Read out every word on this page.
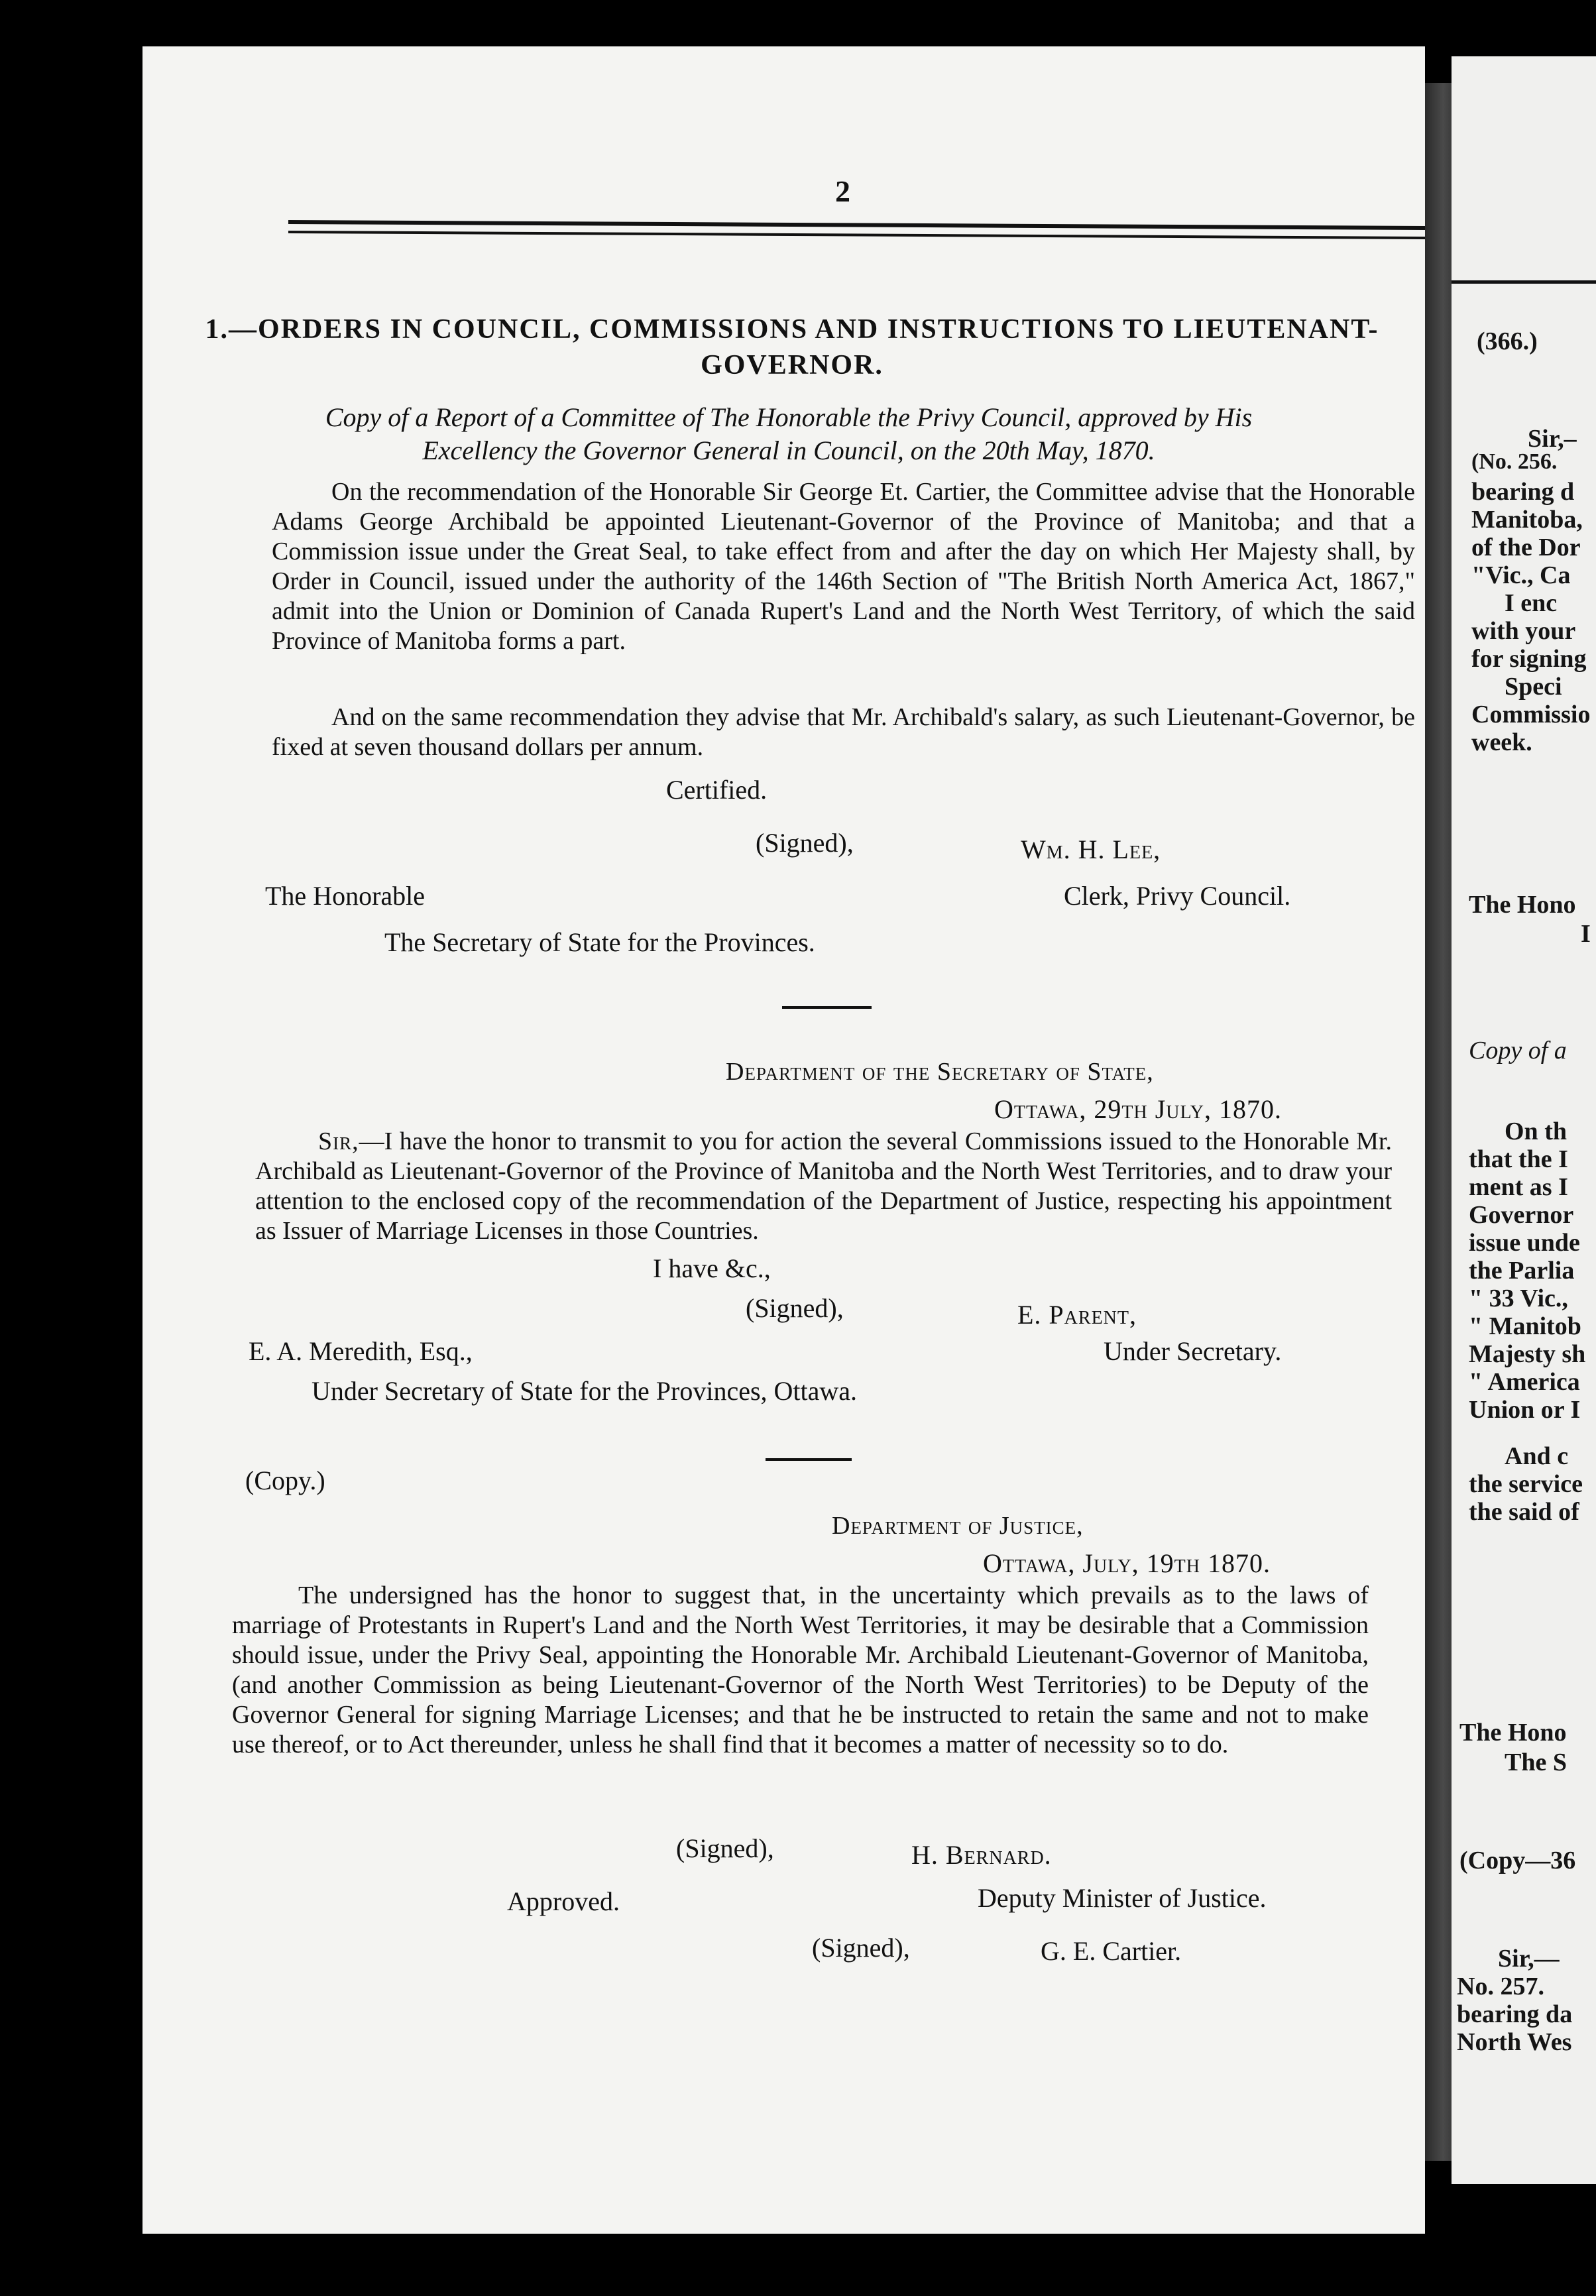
(366.)
Sir,–
(No. 256.
bearing d
Manitoba,
of the Dor
"Vic., Ca
I enc
with your
for signing
Speci
Commissio
week.
The Hono
I
Copy of a
On th
that the I
ment as I
Governor
issue unde
the Parlia
" 33 Vic.,
" Manitob
Majesty sh
" America
Union or I
And c
the service
the said of
The Hono
The S
(Copy—36
Sir,—
No. 257.
bearing da
North Wes
2
1.—ORDERS IN COUNCIL, COMMISSIONS AND INSTRUCTIONS TO LIEUTENANT-GOVERNOR.
Copy of a Report of a Committee of The Honorable the Privy Council, approved by His
Excellency the Governor General in Council, on the 20th May, 1870.
On the recommendation of the Honorable Sir George Et. Cartier, the Committee advise that the Honorable Adams George Archibald be appointed Lieutenant-Governor of the Province of Manitoba; and that a Commission issue under the Great Seal, to take effect from and after the day on which Her Majesty shall, by Order in Council, issued under the authority of the 146th Section of "The British North America Act, 1867," admit into the Union or Dominion of Canada Rupert's Land and the North West Territory, of which the said Province of Manitoba forms a part.
And on the same recommendation they advise that Mr. Archibald's salary, as such Lieutenant-Governor, be fixed at seven thousand dollars per annum.
Certified.
(Signed),	Wm. H. Lee,
The Honorable	Clerk, Privy Council.
The Secretary of State for the Provinces.
Department of the Secretary of State,
Ottawa, 29th July, 1870.
Sir,—I have the honor to transmit to you for action the several Commissions issued to the Honorable Mr. Archibald as Lieutenant-Governor of the Province of Manitoba and the North West Territories, and to draw your attention to the enclosed copy of the recommendation of the Department of Justice, respecting his appointment as Issuer of Marriage Licenses in those Countries.
I have &c.,
(Signed),	E. Parent,
E. A. Meredith, Esq.,	Under Secretary.
Under Secretary of State for the Provinces, Ottawa.
(Copy.)
Department of Justice,
Ottawa, July, 19th 1870.
The undersigned has the honor to suggest that, in the uncertainty which prevails as to the laws of marriage of Protestants in Rupert's Land and the North West Territories, it may be desirable that a Commission should issue, under the Privy Seal, appointing the Honorable Mr. Archibald Lieutenant-Governor of Manitoba, (and another Commission as being Lieutenant-Governor of the North West Territories) to be Deputy of the Governor General for signing Marriage Licenses; and that he be instructed to retain the same and not to make use thereof, or to Act thereunder, unless he shall find that it becomes a matter of necessity so to do.
(Signed),	H. Bernard.
Approved.	Deputy Minister of Justice.
(Signed),	G. E. Cartier.
